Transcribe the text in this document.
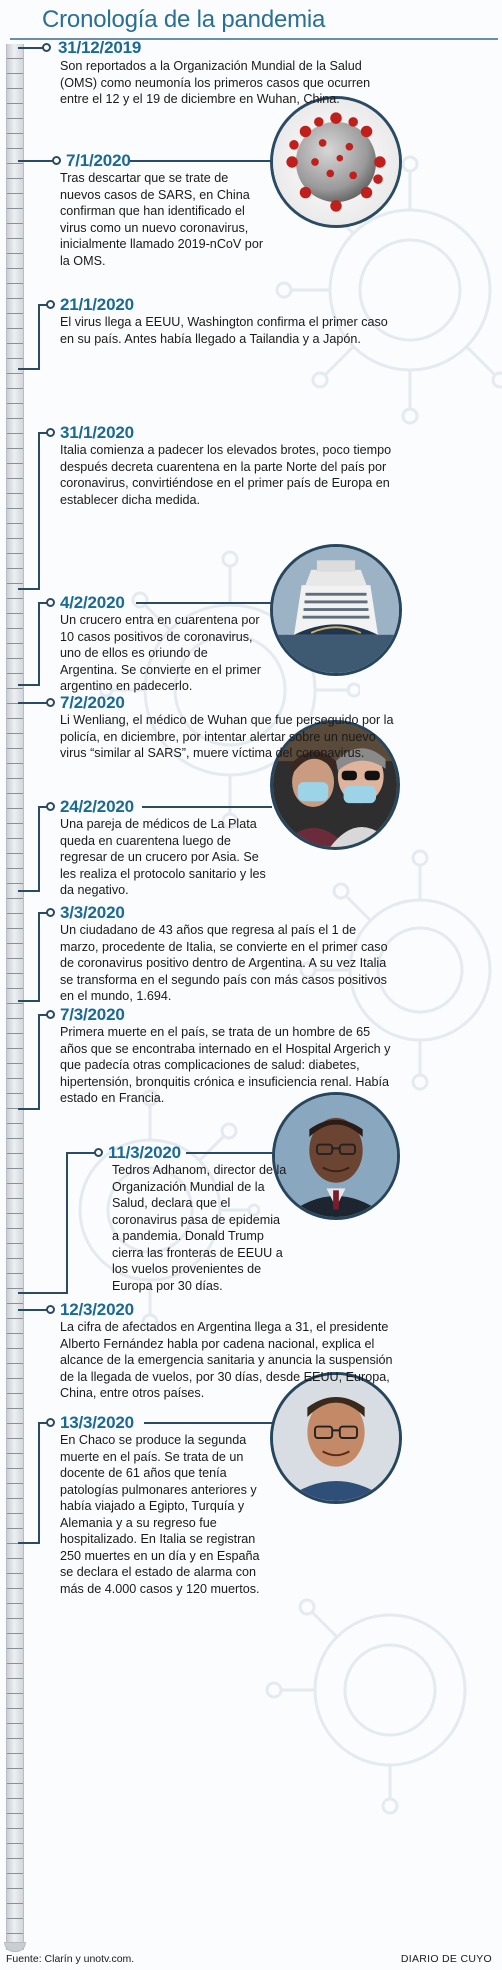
Cronología de la pandemia
31/12/2019
Son reportados a la Organización Mundial de la Salud (OMS) como neumonía los primeros casos que ocurren entre el 12 y el 19 de diciembre en Wuhan, China.
7/1/2020
Tras descartar que se trate de nuevos casos de SARS, en China confirman que han identificado el virus como un nuevo coronavirus, inicialmente llamado 2019-nCoV por la OMS.
21/1/2020
El virus llega a EEUU, Washington confirma el primer caso en su país. Antes había llegado a Tailandia y a Japón.
31/1/2020
Italia comienza a padecer los elevados brotes, poco tiempo después decreta cuarentena en la parte Norte del país por coronavirus, convirtiéndose en el primer país de Europa en establecer dicha medida.
4/2/2020
Un crucero entra en cuarentena por 10 casos positivos de coronavirus, uno de ellos es oriundo de Argentina. Se convierte en el primer argentino en padecerlo.
7/2/2020
Li Wenliang, el médico de Wuhan que fue perseguido por la policía, en diciembre, por intentar alertar sobre un nuevo virus “similar al SARS”, muere víctima del coronavirus.
24/2/2020
Una pareja de médicos de La Plata queda en cuarentena luego de regresar de un crucero por Asia. Se les realiza el protocolo sanitario y les da negativo.
3/3/2020
Un ciudadano de 43 años que regresa al país el 1 de marzo, procedente de Italia, se convierte en el primer caso de coronavirus positivo dentro de Argentina. A su vez Italia se transforma en el segundo país con más casos positivos en el mundo, 1.694.
7/3/2020
Primera muerte en el país, se trata de un hombre de 65 años que se encontraba internado en el Hospital Argerich y que padecía otras complicaciones de salud: diabetes, hipertensión, bronquitis crónica e insuficiencia renal. Había estado en Francia.
11/3/2020
Tedros Adhanom, director de la Organización Mundial de la Salud, declara que el coronavirus pasa de epidemia a pandemia. Donald Trump cierra las fronteras de EEUU a los vuelos provenientes de Europa por 30 días.
12/3/2020
La cifra de afectados en Argentina llega a 31, el presidente Alberto Fernández habla por cadena nacional, explica el alcance de la emergencia sanitaria y anuncia la suspensión de la llegada de vuelos, por 30 días, desde EEUU, Europa, China, entre otros países.
13/3/2020
En Chaco se produce la segunda muerte en el país. Se trata de un docente de 61 años que tenía patologías pulmonares anteriores y había viajado a Egipto, Turquía y Alemania y a su regreso fue hospitalizado. En Italia se registran 250 muertes en un día y en España se declara el estado de alarma con más de 4.000 casos y 120 muertos.
Fuente: Clarín y unotv.com.	DIARIO DE CUYO
